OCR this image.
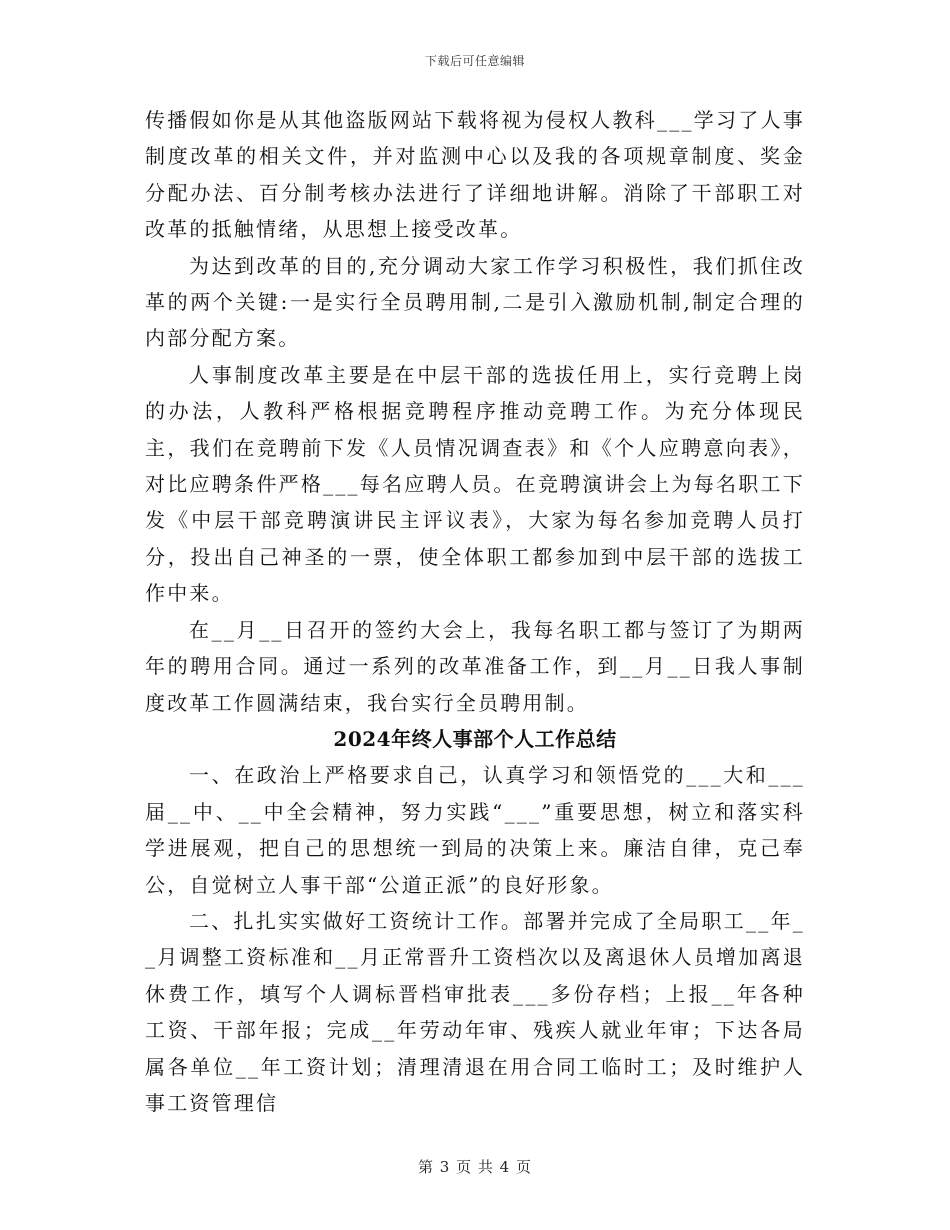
下载后可任意编辑

传播假如你是从其他盗版网站下载将视为侵权人教科___学习了人事制度改革的相关文件，并对监测中心以及我的各项规章制度、奖金分配办法、百分制考核办法进行了详细地讲解。消除了干部职工对改革的抵触情绪，从思想上接受改革。

为达到改革的目的,充分调动大家工作学习积极性，我们抓住改革的两个关键:一是实行全员聘用制,二是引入激励机制,制定合理的内部分配方案。

人事制度改革主要是在中层干部的选拔任用上，实行竞聘上岗的办法，人教科严格根据竞聘程序推动竞聘工作。为充分体现民主，我们在竞聘前下发《人员情况调查表》和《个人应聘意向表》，对比应聘条件严格___每名应聘人员。在竞聘演讲会上为每名职工下发《中层干部竞聘演讲民主评议表》，大家为每名参加竞聘人员打分，投出自己神圣的一票，使全体职工都参加到中层干部的选拔工作中来。

在__月__日召开的签约大会上，我每名职工都与签订了为期两年的聘用合同。通过一系列的改革准备工作，到__月__日我人事制度改革工作圆满结束，我台实行全员聘用制。

2024年终人事部个人工作总结

一、在政治上严格要求自己，认真学习和领悟党的___大和___届__中、__中全会精神，努力实践“___”重要思想，树立和落实科学进展观，把自己的思想统一到局的决策上来。廉洁自律，克己奉公，自觉树立人事干部“公道正派”的良好形象。

二、扎扎实实做好工资统计工作。部署并完成了全局职工__年__月调整工资标准和__月正常晋升工资档次以及离退休人员增加离退休费工作，填写个人调标晋档审批表___多份存档；上报__年各种工资、干部年报；完成__年劳动年审、残疾人就业年审；下达各局属各单位__年工资计划；清理清退在用合同工临时工；及时维护人事工资管理信

第 3 页 共 4 页
